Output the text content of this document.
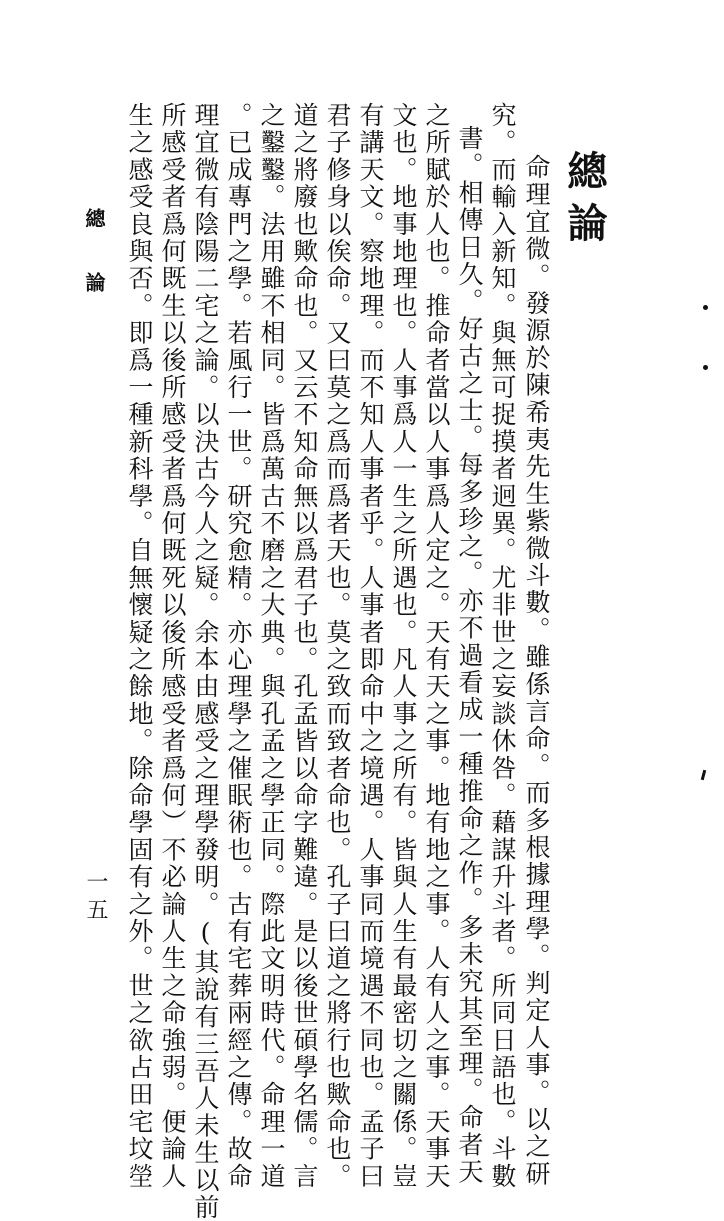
總論
命理宜微。發源於陳希夷先生紫微斗數。雖係言命。而多根據理學。判定人事。以之研
究。而輸入新知。與無可捉摸者迥異。尤非世之妄談休咎。藉謀升斗者。所同日語也。斗數
書。相傳日久。好古之士。每多珍之。亦不過看成一種推命之作。多未究其至理。命者天
之所賦於人也。推命者當以人事爲人定之。天有天之事。地有地之事。人有人之事。天事天
文也。地事地理也。人事爲人一生之所遇也。凡人事之所有。皆與人生有最密切之關係。豈
有講天文。察地理。而不知人事者乎。人事者即命中之境遇。人事同而境遇不同也。孟子曰
君子修身以俟命。又曰莫之爲而爲者天也。莫之致而致者命也。孔子曰道之將行也歟命也。
道之將廢也歟命也。又云不知命無以爲君子也。孔孟皆以命字難違。是以後世碩學名儒。言
之鑿鑿。法用雖不相同。皆爲萬古不磨之大典。與孔孟之學正同。際此文明時代。命理一道
。已成專門之學。若風行一世。研究愈精。亦心理學之催眠術也。古有宅葬兩經之傳。故命
理宜微有陰陽二宅之論。以決古今人之疑。余本由感受之理學發明。(其說有三吾人未生以前
所感受者爲何既生以後所感受者爲何既死以後所感受者爲何）不必論人生之命強弱。便論人
生之感受良與否。即爲一種新科學。自無懷疑之餘地。除命學固有之外。世之欲占田宅坟塋
總 論
一五
